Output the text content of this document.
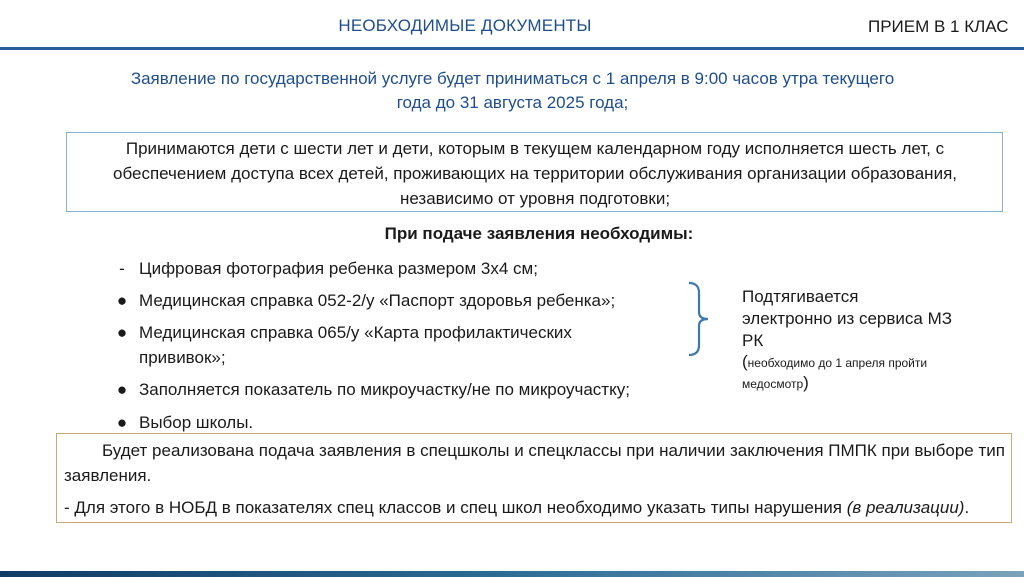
НЕОБХОДИМЫЕ ДОКУМЕНТЫ	ПРИЕМ В 1 КЛАС
Заявление по государственной услуге будет приниматься с 1 апреля в 9:00 часов утра текущего года до 31 августа 2025 года;
Принимаются дети с шести лет и дети, которым в текущем календарном году исполняется шесть лет, с обеспечением доступа всех детей, проживающих на территории обслуживания организации образования, независимо от уровня подготовки;
При подаче заявления необходимы:
- Цифровая фотография ребенка размером 3х4 см;
● Медицинская справка 052-2/у «Паспорт здоровья ребенка»;
● Медицинская справка 065/у «Карта профилактических
прививок»;
● Заполняется показатель по микроучастку/не по микроучастку;
● Выбор школы.
Подтягивается электронно из сервиса МЗ РК
(необходимо до 1 апреля пройти медосмотр)
Будет реализована подача заявления в спецшколы и спецклассы при наличии заключения ПМПК при выборе тип заявления.
- Для этого в НОБД в показателях спец классов и спец школ необходимо указать типы нарушения (в реализации).
